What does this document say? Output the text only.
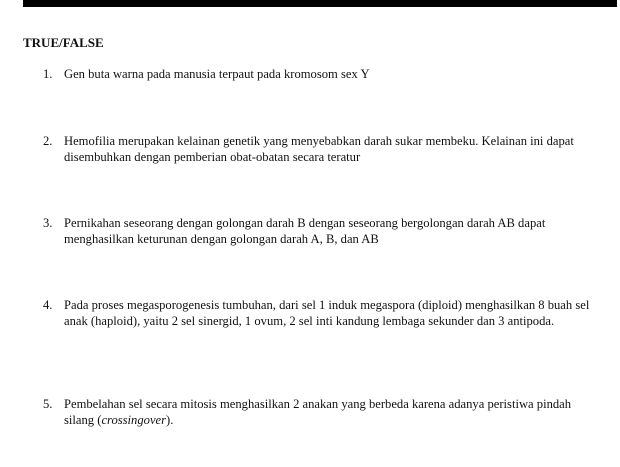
TRUE/FALSE
1. Gen buta warna pada manusia terpaut pada kromosom sex Y
2. Hemofilia merupakan kelainan genetik yang menyebabkan darah sukar membeku. Kelainan ini dapat disembuhkan dengan pemberian obat-obatan secara teratur
3. Pernikahan seseorang dengan golongan darah B dengan seseorang bergolongan darah AB dapat menghasilkan keturunan dengan golongan darah A, B, dan AB
4. Pada proses megasporogenesis tumbuhan, dari sel 1 induk megaspora (diploid) menghasilkan 8 buah sel anak (haploid), yaitu 2 sel sinergid, 1 ovum, 2 sel inti kandung lembaga sekunder dan 3 antipoda.
5. Pembelahan sel secara mitosis menghasilkan 2 anakan yang berbeda karena adanya peristiwa pindah silang (crossingover).
